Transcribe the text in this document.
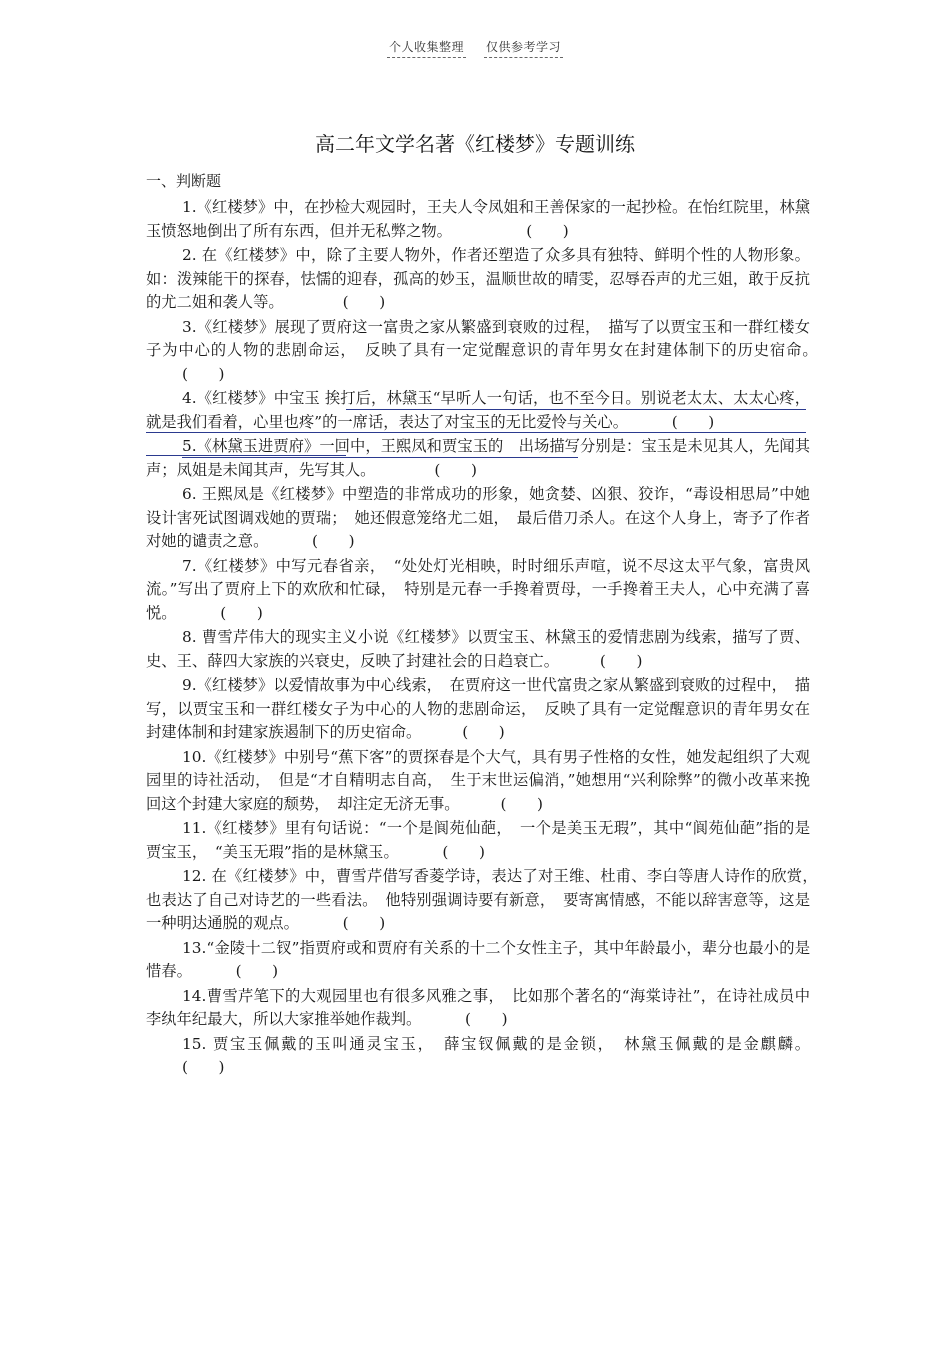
个人收集整理 仅供参考学习
高二年文学名著《红楼梦》专题训练
一、判断题
1.《红楼梦》中，在抄检大观园时，王夫人令凤姐和王善保家的一起抄检。在怡红院里，林黛玉愤怒地倒出了所有东西，但并无私弊之物。　　　	(　　)
2. 在《红楼梦》中，除了主要人物外，作者还塑造了众多具有独特、鲜明个性的人物形象。如：泼辣能干的探春，怯懦的迎春，孤高的妙玉，温顺世故的晴雯，忍辱吞声的尤三姐，敢于反抗的尤二姐和袭人等。　　	(　　)
3.《红楼梦》展现了贾府这一富贵之家从繁盛到衰败的过程，　描写了以贾宝玉和一群红楼女子为中心的人物的悲剧命运，　反映了具有一定觉醒意识的青年男女在封建体制下的历史宿命。　(　　)
4.《红楼梦》中宝玉 挨打后，林黛玉“早听人一句话，也不至今日。别说老太太、太太心疼，就是我们看着，心里也疼”的一席话，表达了对宝玉的无比爱怜与关心。　	(　　)
5.《林黛玉进贾府》一回中，王熙凤和贾宝玉的　出场描写分别是：宝玉是未见其人，先闻其声；凤姐是未闻其声，先写其人。　　	(　　)
6. 王熙凤是《红楼梦》中塑造的非常成功的形象，她贪婪、凶狠、狡诈，“毒设相思局”中她设计害死试图调戏她的贾瑞；　她还假意笼络尤二姐，　最后借刀杀人。在这个人身上，寄予了作者对她的谴责之意。　	(　　)
7.《红楼梦》中写元春省亲，　“处处灯光相映，时时细乐声喧，说不尽这太平气象，富贵风流。”写出了贾府上下的欢欣和忙碌，　特别是元春一手搀着贾母，一手搀着王夫人，心中充满了喜悦。　	(　　)
8. 曹雪芹伟大的现实主义小说《红楼梦》以贾宝玉、林黛玉的爱情悲剧为线索，描写了贾、史、王、薛四大家族的兴衰史，反映了封建社会的日趋衰亡。	(　　)
9.《红楼梦》以爱情故事为中心线索，　在贾府这一世代富贵之家从繁盛到衰败的过程中，　描写，以贾宝玉和一群红楼女子为中心的人物的悲剧命运，　反映了具有一定觉醒意识的青年男女在封建体制和封建家族遏制下的历史宿命。	(　　)
10.《红楼梦》中别号“蕉下客”的贾探春是个大气，具有男子性格的女性，她发起组织了大观园里的诗社活动，　但是“才自精明志自高，　生于末世运偏消，”她想用“兴利除弊”的微小改革来挽回这个封建大家庭的颓势，　却注定无济无事。	(　　)
11.《红楼梦》里有句话说：“一个是阆苑仙葩，　一个是美玉无瑕”，其中“阆苑仙葩”指的是贾宝玉，　“美玉无瑕”指的是林黛玉。　	(　　)
12. 在《红楼梦》中，曹雪芹借写香菱学诗，表达了对王维、杜甫、李白等唐人诗作的欣赏，　也表达了自己对诗艺的一些看法。　他特别强调诗要有新意，　要寄寓情感，不能以辞害意等，这是一种明达通脱的观点。　	(　　)
13.“金陵十二钗”指贾府或和贾府有关系的十二个女性主子，其中年龄最小，辈分也最小的是惜春。　	(　　)
14.曹雪芹笔下的大观园里也有很多风雅之事，　比如那个著名的“海棠诗社”，在诗社成员中李纨年纪最大，所以大家推举她作裁判。　	(　　)
15. 贾宝玉佩戴的玉叫通灵宝玉，　薛宝钗佩戴的是金锁，　林黛玉佩戴的是金麒麟。(　　)
